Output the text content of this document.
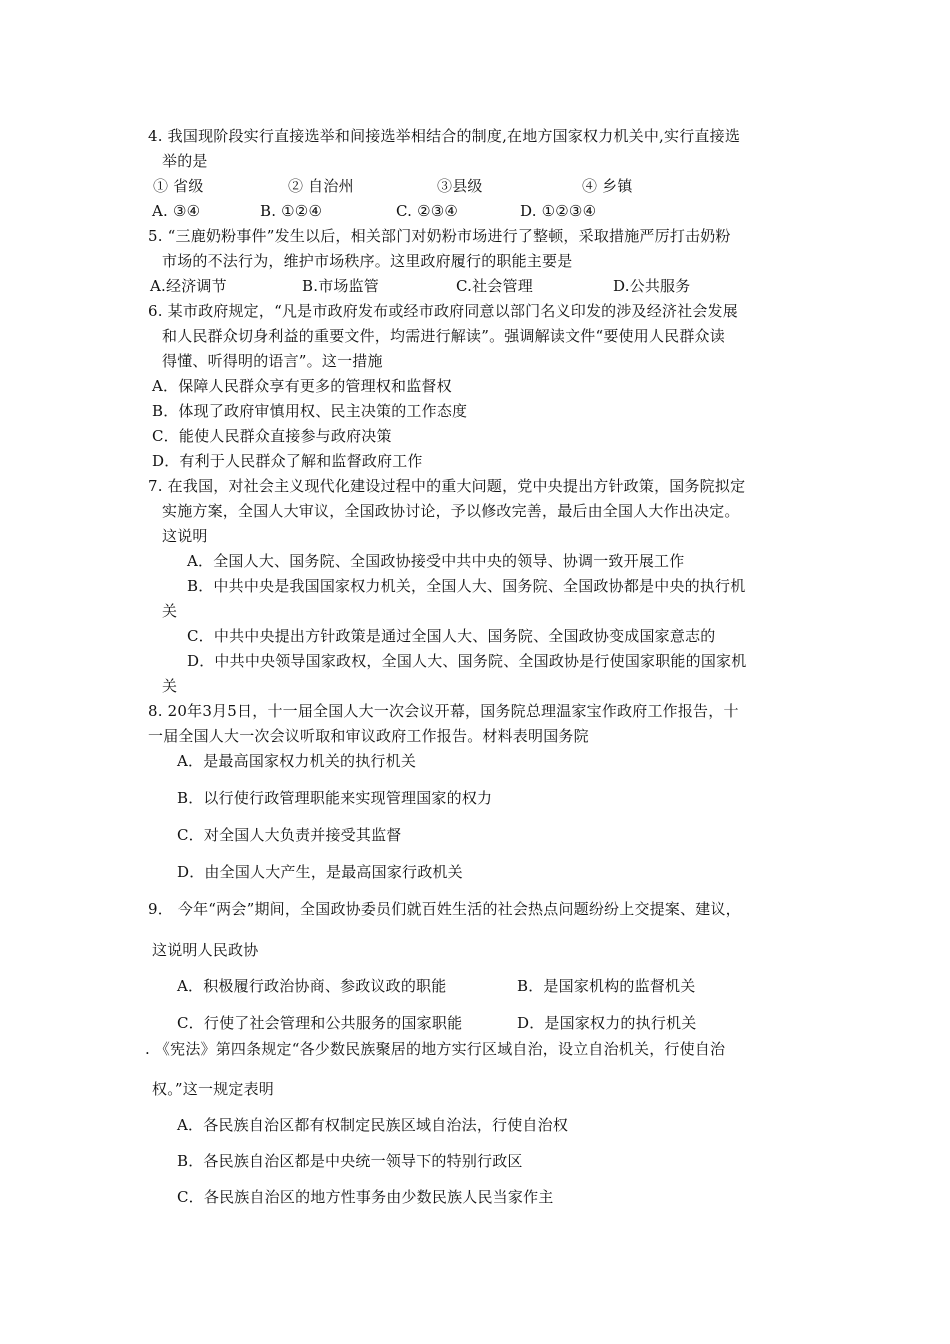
4. 我国现阶段实行直接选举和间接选举相结合的制度,在地方国家权力机关中,实行直接选
举的是
① 省级	② 自治州	③县级	④ 乡镇
A. ③④	B. ①②④	C. ②③④	D. ①②③④
5. “三鹿奶粉事件”发生以后，相关部门对奶粉市场进行了整顿，采取措施严厉打击奶粉
市场的不法行为，维护市场秩序。这里政府履行的职能主要是
A.经济调节	B.市场监管	C.社会管理	D.公共服务
6. 某市政府规定，“凡是市政府发布或经市政府同意以部门名义印发的涉及经济社会发展
和人民群众切身利益的重要文件，均需进行解读”。强调解读文件“要使用人民群众读
得懂、听得明的语言”。这一措施
A．保障人民群众享有更多的管理权和监督权
B．体现了政府审慎用权、民主决策的工作态度
C．能使人民群众直接参与政府决策
D．有利于人民群众了解和监督政府工作
7. 在我国，对社会主义现代化建设过程中的重大问题，党中央提出方针政策，国务院拟定
实施方案，全国人大审议，全国政协讨论，予以修改完善，最后由全国人大作出决定。
这说明
A．全国人大、国务院、全国政协接受中共中央的领导、协调一致开展工作
B．中共中央是我国国家权力机关，全国人大、国务院、全国政协都是中央的执行机
关
C．中共中央提出方针政策是通过全国人大、国务院、全国政协变成国家意志的
D．中共中央领导国家政权，全国人大、国务院、全国政协是行使国家职能的国家机
关
8. 20年3月5日，十一届全国人大一次会议开幕，国务院总理温家宝作政府工作报告，十
一届全国人大一次会议听取和审议政府工作报告。材料表明国务院
A．是最高国家权力机关的执行机关
B．以行使行政管理职能来实现管理国家的权力
C．对全国人大负责并接受其监督
D．由全国人大产生，是最高国家行政机关
9． 今年“两会”期间，全国政协委员们就百姓生活的社会热点问题纷纷上交提案、建议，
这说明人民政协
A．积极履行政治协商、参政议政的职能	B．是国家机构的监督机关
C．行使了社会管理和公共服务的国家职能	D．是国家权力的执行机关
. 《宪法》第四条规定“各少数民族聚居的地方实行区域自治，设立自治机关，行使自治
权。”这一规定表明
A．各民族自治区都有权制定民族区域自治法，行使自治权
B．各民族自治区都是中央统一领导下的特别行政区
C．各民族自治区的地方性事务由少数民族人民当家作主
